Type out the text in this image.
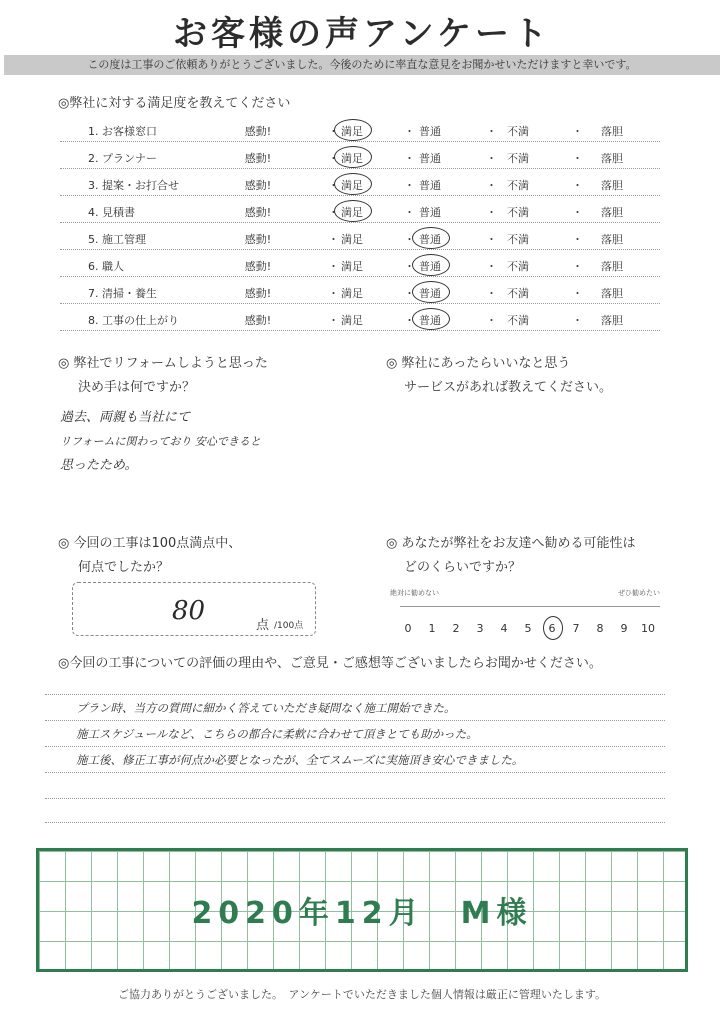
お客様の声アンケート
この度は工事のご依頼ありがとうございました。今後のために率直な意見をお聞かせいただけますと幸いです。
◎弊社に対する満足度を教えてください
1. お客様窓口	感動!	満足	普通	不満	落胆
・	・	・	・
2. プランナー	感動!	満足	普通	不満	落胆
・	・	・	・
3. 提案・お打合せ	感動!	満足	普通	不満	落胆
・	・	・	・
4. 見積書	感動!	満足	普通	不満	落胆
・	・	・	・
5. 施工管理	感動!	満足	普通	不満	落胆
・	・	・	・
6. 職人	感動!	満足	普通	不満	落胆
・	・	・	・
7. 清掃・養生	感動!	満足	普通	不満	落胆
・	・	・	・
8. 工事の仕上がり	感動!	満足	普通	不満	落胆
・	・	・	・
◎ 弊社でリフォームしようと思った
決め手は何ですか？
過去、両親も当社にて
リフォームに関わっており 安心できると
思ったため。
◎ 弊社にあったらいいなと思う
サービスがあれば教えてください。
◎ 今回の工事は100点満点中、
何点でしたか？
80	点 /100点
◎ あなたが弊社をお友達へ勧める可能性は
どのくらいですか？
絶対に勧めない	ぜひ勧めたい
0	1	2	3	4	5	6	7	8	9	10
◎今回の工事についての評価の理由や、ご意見・ご感想等ございましたらお聞かせください。
プラン時、当方の質問に細かく答えていただき疑問なく施工開始できた。
施工スケジュールなど、こちらの都合に柔軟に合わせて頂きとても助かった。
施工後、修正工事が何点か必要となったが、全てスムーズに実施頂き安心できました。
2020年12月　M様
ご協力ありがとうございました。　アンケートでいただきました個人情報は厳正に管理いたします。
